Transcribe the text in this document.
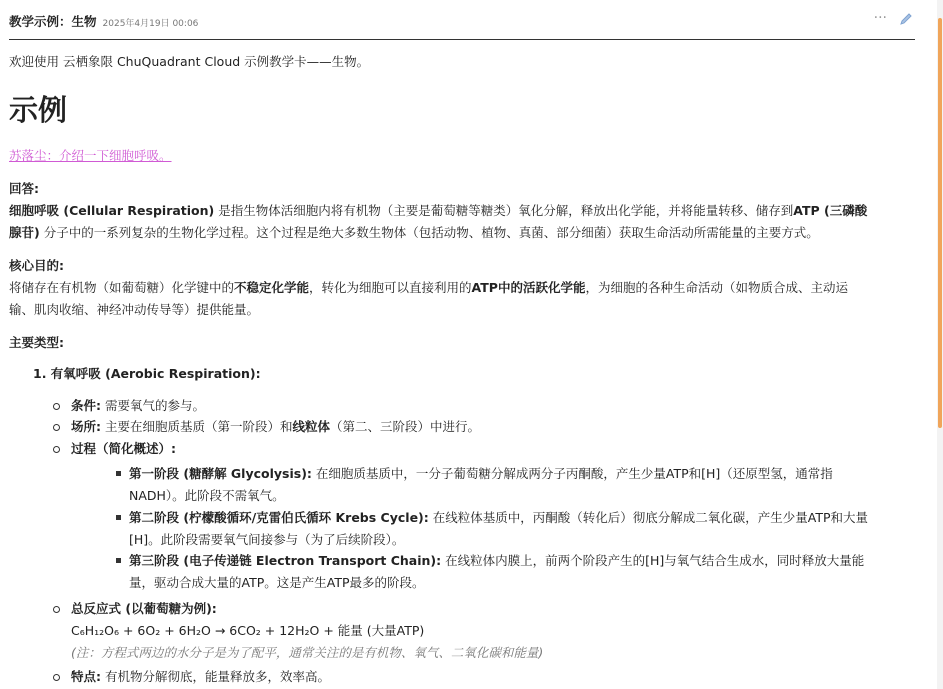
教学示例：生物 2025年4月19日 00:06	···
欢迎使用 云栖象限 ChuQuadrant Cloud 示例教学卡——生物。
示例
苏落尘：介绍一下细胞呼吸。
回答:
细胞呼吸 (Cellular Respiration) 是指生物体活细胞内将有机物（主要是葡萄糖等糖类）氧化分解，释放出化学能，并将能量转移、储存到ATP (三磷酸
腺苷) 分子中的一系列复杂的生物化学过程。这个过程是绝大多数生物体（包括动物、植物、真菌、部分细菌）获取生命活动所需能量的主要方式。
核心目的:
将储存在有机物（如葡萄糖）化学键中的不稳定化学能，转化为细胞可以直接利用的ATP中的活跃化学能，为细胞的各种生命活动（如物质合成、主动运
输、肌肉收缩、神经冲动传导等）提供能量。
主要类型:
1. 有氧呼吸 (Aerobic Respiration):
条件: 需要氧气的参与。
场所: 主要在细胞质基质（第一阶段）和线粒体（第二、三阶段）中进行。
过程（简化概述）:
第一阶段 (糖酵解 Glycolysis): 在细胞质基质中，一分子葡萄糖分解成两分子丙酮酸，产生少量ATP和[H]（还原型氢，通常指
NADH）。此阶段不需氧气。
第二阶段 (柠檬酸循环/克雷伯氏循环 Krebs Cycle): 在线粒体基质中，丙酮酸（转化后）彻底分解成二氧化碳，产生少量ATP和大量
[H]。此阶段需要氧气间接参与（为了后续阶段）。
第三阶段 (电子传递链 Electron Transport Chain): 在线粒体内膜上，前两个阶段产生的[H]与氧气结合生成水，同时释放大量能
量，驱动合成大量的ATP。这是产生ATP最多的阶段。
总反应式 (以葡萄糖为例):
C₆H₁₂O₆ + 6O₂ + 6H₂O → 6CO₂ + 12H₂O + 能量 (大量ATP)
(注：方程式两边的水分子是为了配平，通常关注的是有机物、氧气、二氧化碳和能量)
特点: 有机物分解彻底，能量释放多，效率高。
